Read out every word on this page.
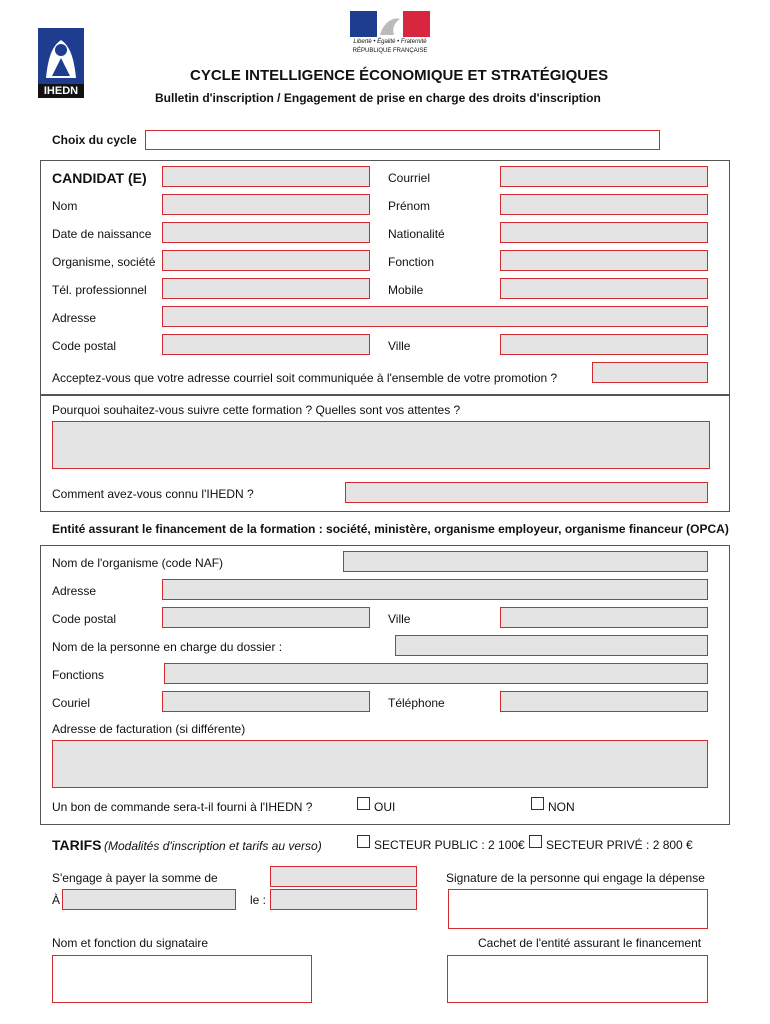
IHEDN
Liberté • Égalité • Fraternité
RÉPUBLIQUE FRANÇAISE
CYCLE INTELLIGENCE ÉCONOMIQUE ET STRATÉGIQUES
Bulletin d'inscription / Engagement de prise en charge des droits d'inscription
Choix du cycle
CANDIDAT (E)	Courriel
Nom	Prénom
Date de naissance	Nationalité
Organisme, société	Fonction
Tél. professionnel	Mobile
Adresse
Code postal	Ville
Acceptez-vous que votre adresse courriel soit communiquée à l'ensemble de votre promotion ?
Pourquoi souhaitez-vous suivre cette formation ? Quelles sont vos attentes ?
Comment avez-vous connu l'IHEDN ?
Entité assurant le financement de la formation : société, ministère, organisme employeur, organisme financeur (OPCA)
Nom de l'organisme (code NAF)
Adresse
Code postal	Ville
Nom de la personne en charge du dossier :
Fonctions
Couriel	Téléphone
Adresse de facturation (si différente)
Un bon de commande sera-t-il fourni à l'IHEDN ?	OUI	NON
TARIFS (Modalités d'inscription et tarifs au verso)	SECTEUR PUBLIC : 2 100€ SECTEUR PRIVÉ : 2 800 €
S'engage à payer la somme de	Signature de la personne qui engage la dépense
À	le :
Nom et fonction du signataire	Cachet de l'entité assurant le financement
